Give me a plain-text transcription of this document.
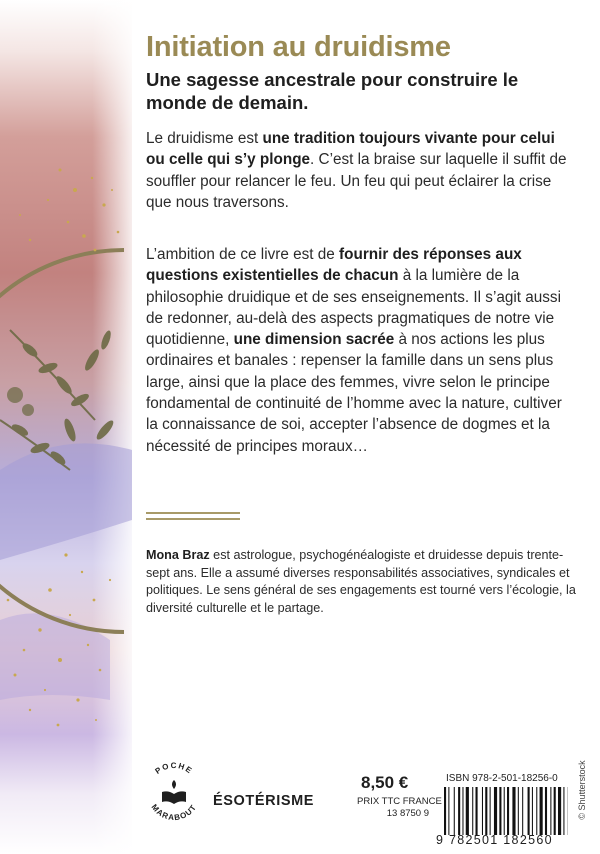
Initiation au druidisme
Une sagesse ancestrale pour construire le monde de demain.

Le druidisme est une tradition toujours vivante pour celui ou celle qui s’y plonge. C’est la braise sur laquelle il suffit de souffler pour relancer le feu. Un feu qui peut éclairer la crise que nous traversons.

L’ambition de ce livre est de fournir des réponses aux questions existentielles de chacun à la lumière de la philosophie druidique et de ses enseignements. Il s’agit aussi de redonner, au-delà des aspects pragmatiques de notre vie quotidienne, une dimension sacrée à nos actions les plus ordinaires et banales : repenser la famille dans un sens plus large, ainsi que la place des femmes, vivre selon le principe fondamental de continuité de l’homme avec la nature, cultiver la connaissance de soi, accepter l’absence de dogmes et la nécessité de principes moraux…

Mona Braz est astrologue, psychogénéalogiste et druidesse depuis trente-sept ans. Elle a assumé diverses responsabilités associatives, syndicales et politiques. Le sens général de ses engagements est tourné vers l’écologie, la diversité culturelle et le partage.

POCHE
MARABOUT ÉSOTÉRISME
8,50 €
PRIX TTC FRANCE
13 8750 9
ISBN 978-2-501-18256-0
9 782501 182560
© Shutterstock
